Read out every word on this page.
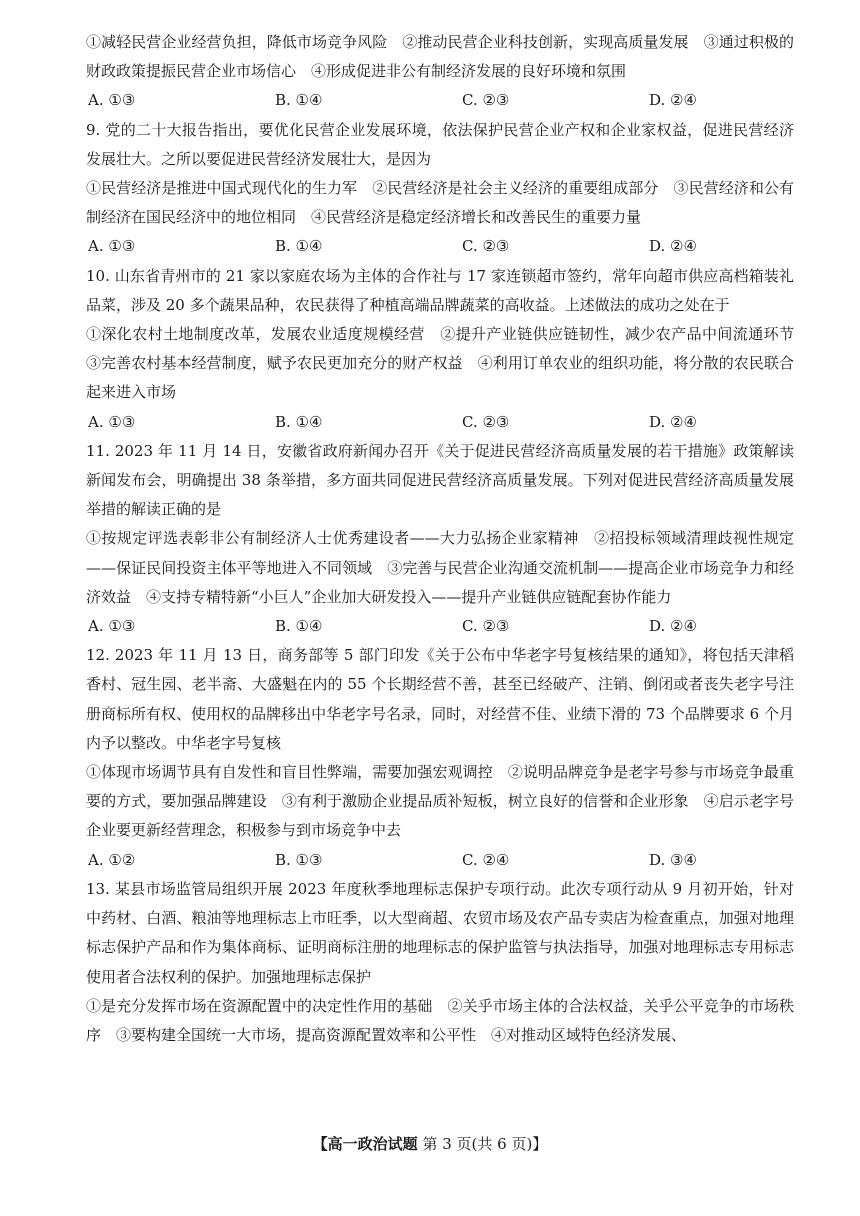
①减轻民营企业经营负担，降低市场竞争风险　②推动民营企业科技创新，实现高质量发展　③通过积极的财政政策提振民营企业市场信心　④形成促进非公有制经济发展的良好环境和氛围

A. ①③	B. ①④	C. ②③	D. ②④

9. 党的二十大报告指出，要优化民营企业发展环境，依法保护民营企业产权和企业家权益，促进民营经济发展壮大。之所以要促进民营经济发展壮大，是因为

①民营经济是推进中国式现代化的生力军　②民营经济是社会主义经济的重要组成部分　③民营经济和公有制经济在国民经济中的地位相同　④民营经济是稳定经济增长和改善民生的重要力量

A. ①③	B. ①④	C. ②③	D. ②④

10. 山东省青州市的 21 家以家庭农场为主体的合作社与 17 家连锁超市签约，常年向超市供应高档箱装礼品菜，涉及 20 多个蔬果品种，农民获得了种植高端品牌蔬菜的高收益。上述做法的成功之处在于

①深化农村土地制度改革，发展农业适度规模经营　②提升产业链供应链韧性，减少农产品中间流通环节　③完善农村基本经营制度，赋予农民更加充分的财产权益　④利用订单农业的组织功能，将分散的农民联合起来进入市场

A. ①③	B. ①④	C. ②③	D. ②④

11. 2023 年 11 月 14 日，安徽省政府新闻办召开《关于促进民营经济高质量发展的若干措施》政策解读新闻发布会，明确提出 38 条举措，多方面共同促进民营经济高质量发展。下列对促进民营经济高质量发展举措的解读正确的是

①按规定评选表彰非公有制经济人士优秀建设者——大力弘扬企业家精神　②招投标领域清理歧视性规定——保证民间投资主体平等地进入不同领域　③完善与民营企业沟通交流机制——提高企业市场竞争力和经济效益　④支持专精特新“小巨人”企业加大研发投入——提升产业链供应链配套协作能力

A. ①③	B. ①④	C. ②③	D. ②④

12. 2023 年 11 月 13 日，商务部等 5 部门印发《关于公布中华老字号复核结果的通知》，将包括天津稻香村、冠生园、老半斋、大盛魁在内的 55 个长期经营不善，甚至已经破产、注销、倒闭或者丧失老字号注册商标所有权、使用权的品牌移出中华老字号名录，同时，对经营不佳、业绩下滑的 73 个品牌要求 6 个月内予以整改。中华老字号复核

①体现市场调节具有自发性和盲目性弊端，需要加强宏观调控　②说明品牌竞争是老字号参与市场竞争最重要的方式，要加强品牌建设　③有利于激励企业提品质补短板，树立良好的信誉和企业形象　④启示老字号企业要更新经营理念，积极参与到市场竞争中去

A. ①②	B. ①③	C. ②④	D. ③④

13. 某县市场监管局组织开展 2023 年度秋季地理标志保护专项行动。此次专项行动从 9 月初开始，针对中药材、白酒、粮油等地理标志上市旺季，以大型商超、农贸市场及农产品专卖店为检查重点，加强对地理标志保护产品和作为集体商标、证明商标注册的地理标志的保护监管与执法指导，加强对地理标志专用标志使用者合法权利的保护。加强地理标志保护

①是充分发挥市场在资源配置中的决定性作用的基础　②关乎市场主体的合法权益，关乎公平竞争的市场秩序　③要构建全国统一大市场，提高资源配置效率和公平性　④对推动区域特色经济发展、

【高一政治试题 第 3 页(共 6 页)】
